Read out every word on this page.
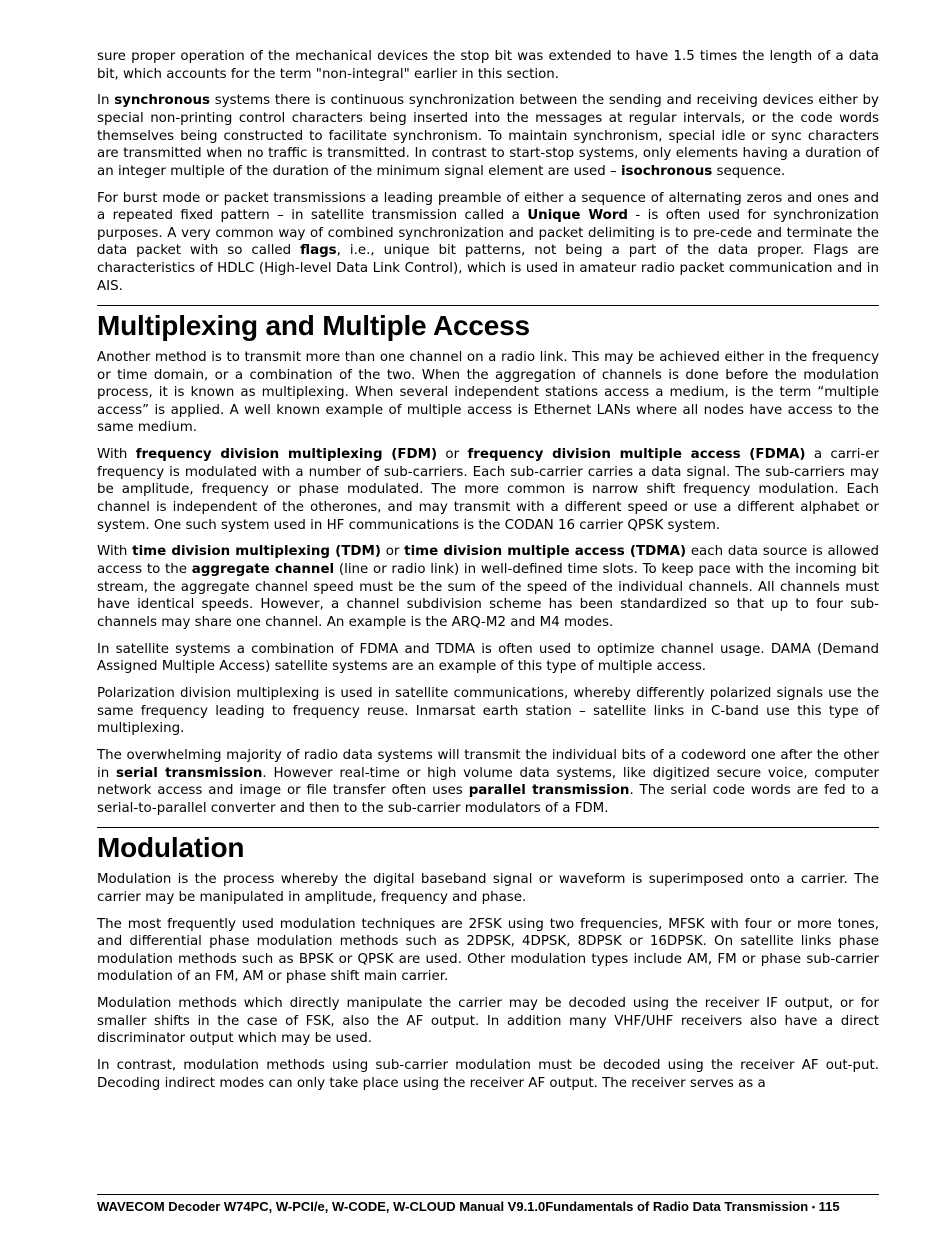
sure proper operation of the mechanical devices the stop bit was extended to have 1.5 times the length of a data bit, which accounts for the term "non-integral" earlier in this section.

In synchronous systems there is continuous synchronization between the sending and receiving devices either by special non-printing control characters being inserted into the messages at regular intervals, or the code words themselves being constructed to facilitate synchronism. To maintain synchronism, special idle or sync characters are transmitted when no traffic is transmitted. In contrast to start-stop systems, only elements having a duration of an integer multiple of the duration of the minimum signal element are used – isochronous sequence.

For burst mode or packet transmissions a leading preamble of either a sequence of alternating zeros and ones and a repeated fixed pattern – in satellite transmission called a Unique Word - is often used for synchronization purposes. A very common way of combined synchronization and packet delimiting is to pre-cede and terminate the data packet with so called flags, i.e., unique bit patterns, not being a part of the data proper. Flags are characteristics of HDLC (High-level Data Link Control), which is used in amateur radio packet communication and in AIS.

Multiplexing and Multiple Access

Another method is to transmit more than one channel on a radio link. This may be achieved either in the frequency or time domain, or a combination of the two. When the aggregation of channels is done before the modulation process, it is known as multiplexing. When several independent stations access a medium, is the term “multiple access” is applied. A well known example of multiple access is Ethernet LANs where all nodes have access to the same medium.

With frequency division multiplexing (FDM) or frequency division multiple access (FDMA) a carri-er frequency is modulated with a number of sub-carriers. Each sub-carrier carries a data signal. The sub-carriers may be amplitude, frequency or phase modulated. The more common is narrow shift frequency modulation. Each channel is independent of the otherones, and may transmit with a different speed or use a different alphabet or system. One such system used in HF communications is the CODAN 16 carrier QPSK system.

With time division multiplexing (TDM) or time division multiple access (TDMA) each data source is allowed access to the aggregate channel (line or radio link) in well-defined time slots. To keep pace with the incoming bit stream, the aggregate channel speed must be the sum of the speed of the individual channels. All channels must have identical speeds. However, a channel subdivision scheme has been standardized so that up to four sub-channels may share one channel. An example is the ARQ-M2 and M4 modes.

In satellite systems a combination of FDMA and TDMA is often used to optimize channel usage. DAMA (Demand Assigned Multiple Access) satellite systems are an example of this type of multiple access.

Polarization division multiplexing is used in satellite communications, whereby differently polarized signals use the same frequency leading to frequency reuse. Inmarsat earth station – satellite links in C-band use this type of multiplexing.

The overwhelming majority of radio data systems will transmit the individual bits of a codeword one after the other in serial transmission. However real-time or high volume data systems, like digitized secure voice, computer network access and image or file transfer often uses parallel transmission. The serial code words are fed to a serial-to-parallel converter and then to the sub-carrier modulators of a FDM.

Modulation

Modulation is the process whereby the digital baseband signal or waveform is superimposed onto a carrier. The carrier may be manipulated in amplitude, frequency and phase.

The most frequently used modulation techniques are 2FSK using two frequencies, MFSK with four or more tones, and differential phase modulation methods such as 2DPSK, 4DPSK, 8DPSK or 16DPSK. On satellite links phase modulation methods such as BPSK or QPSK are used. Other modulation types include AM, FM or phase sub-carrier modulation of an FM, AM or phase shift main carrier.

Modulation methods which directly manipulate the carrier may be decoded using the receiver IF output, or for smaller shifts in the case of FSK, also the AF output. In addition many VHF/UHF receivers also have a direct discriminator output which may be used.

In contrast, modulation methods using sub-carrier modulation must be decoded using the receiver AF out-put. Decoding indirect modes can only take place using the receiver AF output. The receiver serves as a

WAVECOM Decoder W74PC, W-PCI/e, W-CODE, W-CLOUD Manual V9.1.0Fundamentals of Radio Data Transmission • 115
